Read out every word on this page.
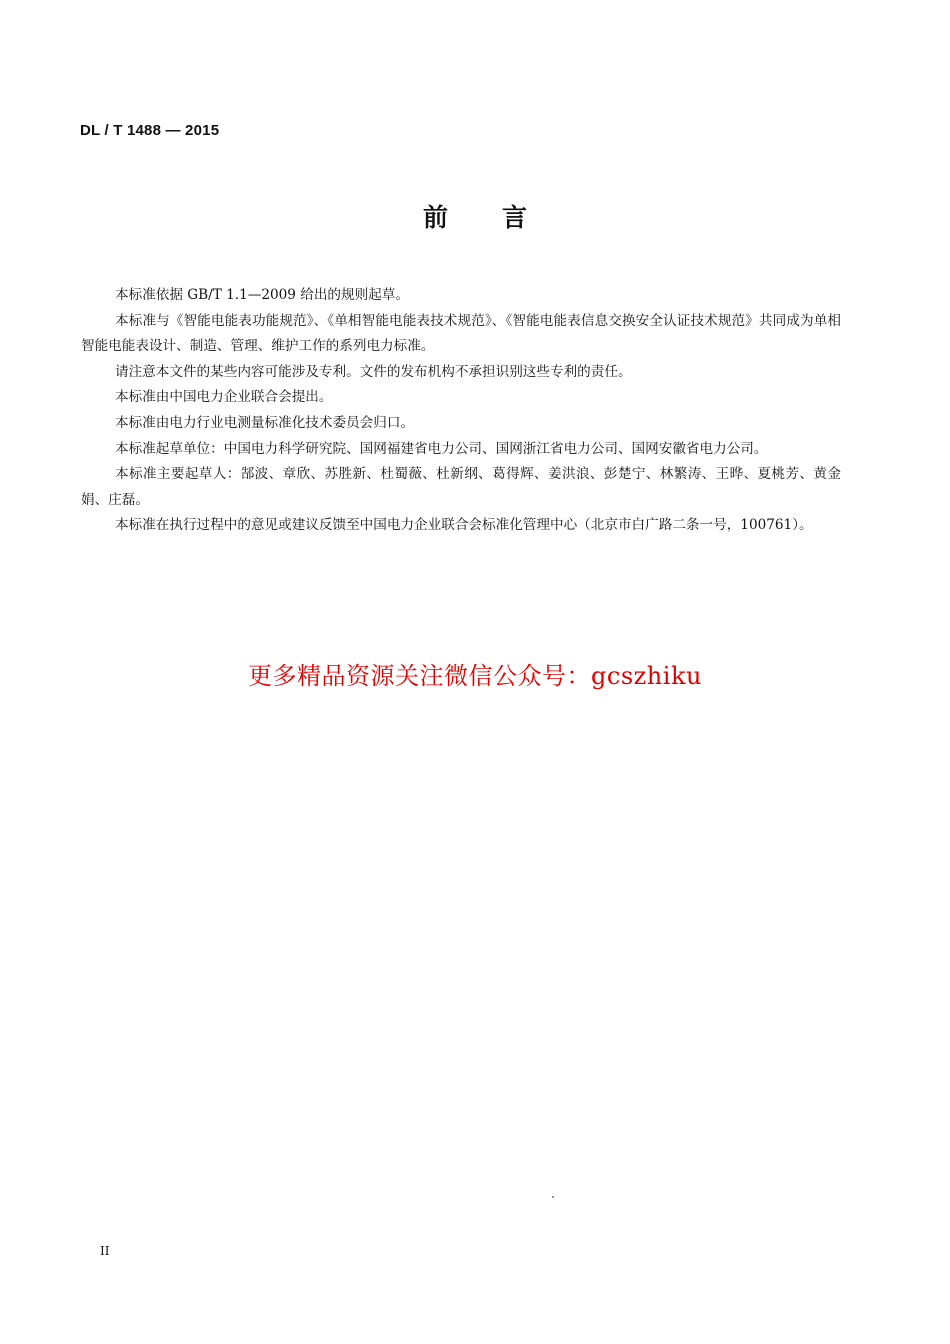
DL / T 1488 — 2015
前言

本标准依据 GB/T 1.1—2009 给出的规则起草。

本标准与《智能电能表功能规范》、《单相智能电能表技术规范》、《智能电能表信息交换安全认证技术规范》共同成为单相智能电能表设计、制造、管理、维护工作的系列电力标准。

请注意本文件的某些内容可能涉及专利。文件的发布机构不承担识别这些专利的责任。

本标准由中国电力企业联合会提出。

本标准由电力行业电测量标准化技术委员会归口。

本标准起草单位：中国电力科学研究院、国网福建省电力公司、国网浙江省电力公司、国网安徽省电力公司。

本标准主要起草人：郜波、章欣、苏胜新、杜蜀薇、杜新纲、葛得辉、姜洪浪、彭楚宁、林繁涛、王晔、夏桃芳、黄金娟、庄磊。

本标准在执行过程中的意见或建议反馈至中国电力企业联合会标准化管理中心（北京市白广路二条一号，100761）。

更多精品资源关注微信公众号：gcszhiku
II
